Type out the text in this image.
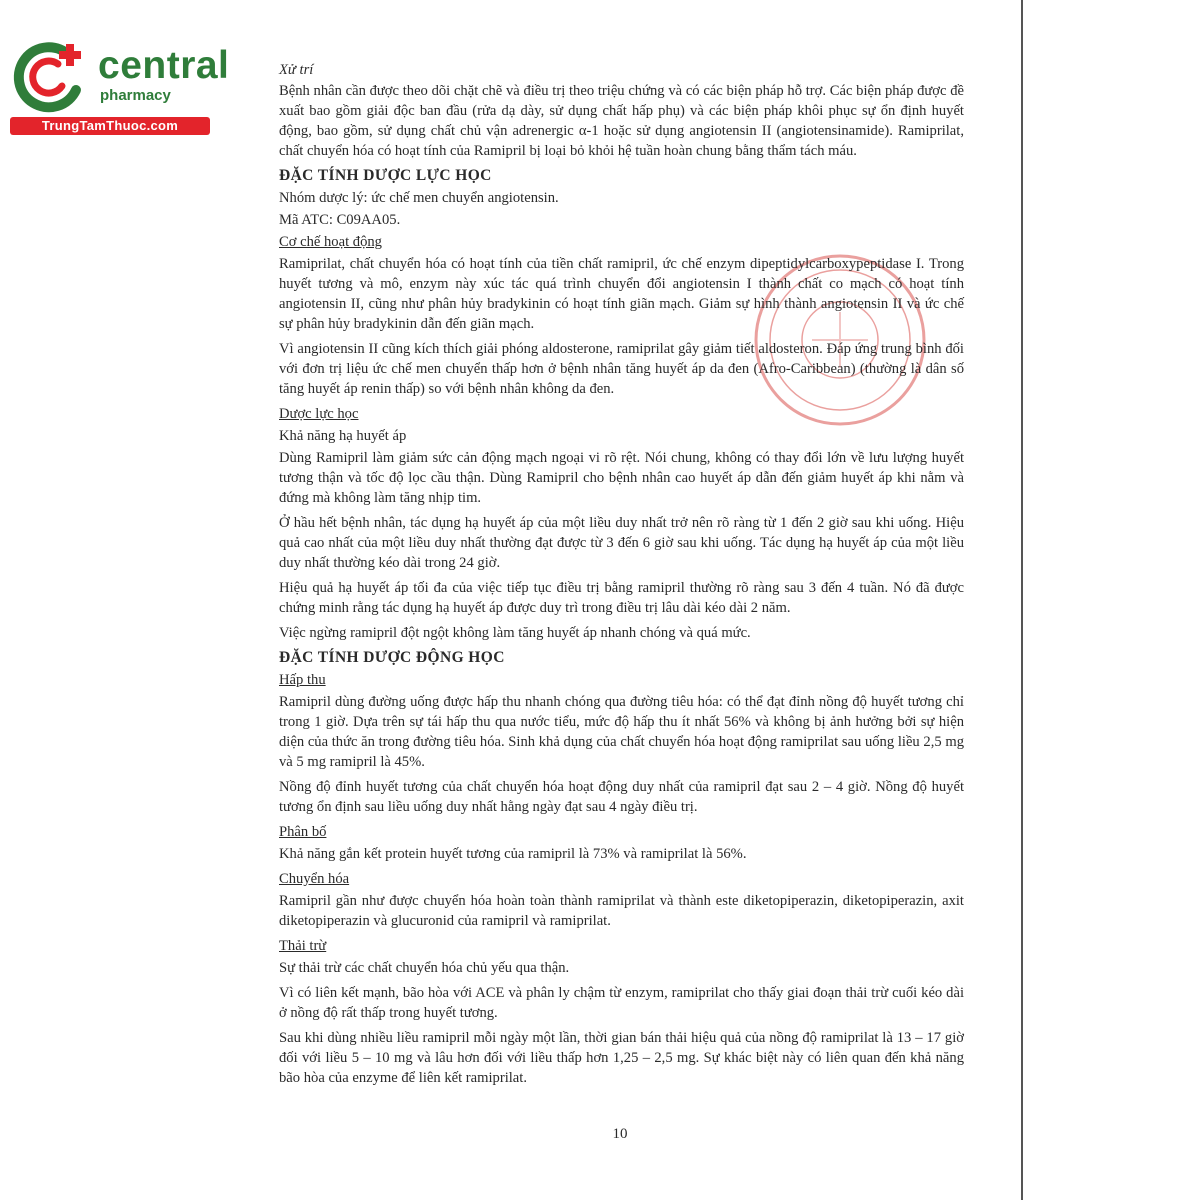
central
pharmacy
TrungTamThuoc.com

Xử trí

Bệnh nhân cần được theo dõi chặt chẽ và điều trị theo triệu chứng và có các biện pháp hỗ trợ. Các biện pháp được đề xuất bao gồm giải độc ban đầu (rửa dạ dày, sử dụng chất hấp phụ) và các biện pháp khôi phục sự ổn định huyết động, bao gồm, sử dụng chất chủ vận adrenergic α-1 hoặc sử dụng angiotensin II (angiotensinamide). Ramiprilat, chất chuyển hóa có hoạt tính của Ramipril bị loại bỏ khỏi hệ tuần hoàn chung bằng thẩm tách máu.

ĐẶC TÍNH DƯỢC LỰC HỌC

Nhóm dược lý: ức chế men chuyển angiotensin.

Mã ATC: C09AA05.

Cơ chế hoạt động

Ramiprilat, chất chuyển hóa có hoạt tính của tiền chất ramipril, ức chế enzym dipeptidylcarboxypeptidase I. Trong huyết tương và mô, enzym này xúc tác quá trình chuyển đổi angiotensin I thành chất co mạch có hoạt tính angiotensin II, cũng như phân hủy bradykinin có hoạt tính giãn mạch. Giảm sự hình thành angiotensin II và ức chế sự phân hủy bradykinin dẫn đến giãn mạch.

Vì angiotensin II cũng kích thích giải phóng aldosterone, ramiprilat gây giảm tiết aldosteron. Đáp ứng trung bình đối với đơn trị liệu ức chế men chuyển thấp hơn ở bệnh nhân tăng huyết áp da đen (Afro-Caribbean) (thường là dân số tăng huyết áp renin thấp) so với bệnh nhân không da đen.

Dược lực học

Khả năng hạ huyết áp

Dùng Ramipril làm giảm sức cản động mạch ngoại vi rõ rệt. Nói chung, không có thay đổi lớn về lưu lượng huyết tương thận và tốc độ lọc cầu thận. Dùng Ramipril cho bệnh nhân cao huyết áp dẫn đến giảm huyết áp khi nằm và đứng mà không làm tăng nhịp tim.

Ở hầu hết bệnh nhân, tác dụng hạ huyết áp của một liều duy nhất trở nên rõ ràng từ 1 đến 2 giờ sau khi uống. Hiệu quả cao nhất của một liều duy nhất thường đạt được từ 3 đến 6 giờ sau khi uống. Tác dụng hạ huyết áp của một liều duy nhất thường kéo dài trong 24 giờ.

Hiệu quả hạ huyết áp tối đa của việc tiếp tục điều trị bằng ramipril thường rõ ràng sau 3 đến 4 tuần. Nó đã được chứng minh rằng tác dụng hạ huyết áp được duy trì trong điều trị lâu dài kéo dài 2 năm.

Việc ngừng ramipril đột ngột không làm tăng huyết áp nhanh chóng và quá mức.

ĐẶC TÍNH DƯỢC ĐỘNG HỌC

Hấp thu

Ramipril dùng đường uống được hấp thu nhanh chóng qua đường tiêu hóa: có thể đạt đỉnh nồng độ huyết tương chỉ trong 1 giờ. Dựa trên sự tái hấp thu qua nước tiểu, mức độ hấp thu ít nhất 56% và không bị ảnh hưởng bởi sự hiện diện của thức ăn trong đường tiêu hóa. Sinh khả dụng của chất chuyển hóa hoạt động ramiprilat sau uống liều 2,5 mg và 5 mg ramipril là 45%.

Nồng độ đỉnh huyết tương của chất chuyển hóa hoạt động duy nhất của ramipril đạt sau 2 – 4 giờ. Nồng độ huyết tương ổn định sau liều uống duy nhất hằng ngày đạt sau 4 ngày điều trị.

Phân bố

Khả năng gắn kết protein huyết tương của ramipril là 73% và ramiprilat là 56%.

Chuyển hóa

Ramipril gần như được chuyển hóa hoàn toàn thành ramiprilat và thành este diketopiperazin, diketopiperazin, axit diketopiperazin và glucuronid của ramipril và ramiprilat.

Thải trừ

Sự thải trừ các chất chuyển hóa chủ yếu qua thận.

Vì có liên kết mạnh, bão hòa với ACE và phân ly chậm từ enzym, ramiprilat cho thấy giai đoạn thải trừ cuối kéo dài ở nồng độ rất thấp trong huyết tương.

Sau khi dùng nhiều liều ramipril mỗi ngày một lần, thời gian bán thải hiệu quả của nồng độ ramiprilat là 13 – 17 giờ đối với liều 5 – 10 mg và lâu hơn đối với liều thấp hơn 1,25 – 2,5 mg. Sự khác biệt này có liên quan đến khả năng bão hòa của enzyme để liên kết ramiprilat.

10
